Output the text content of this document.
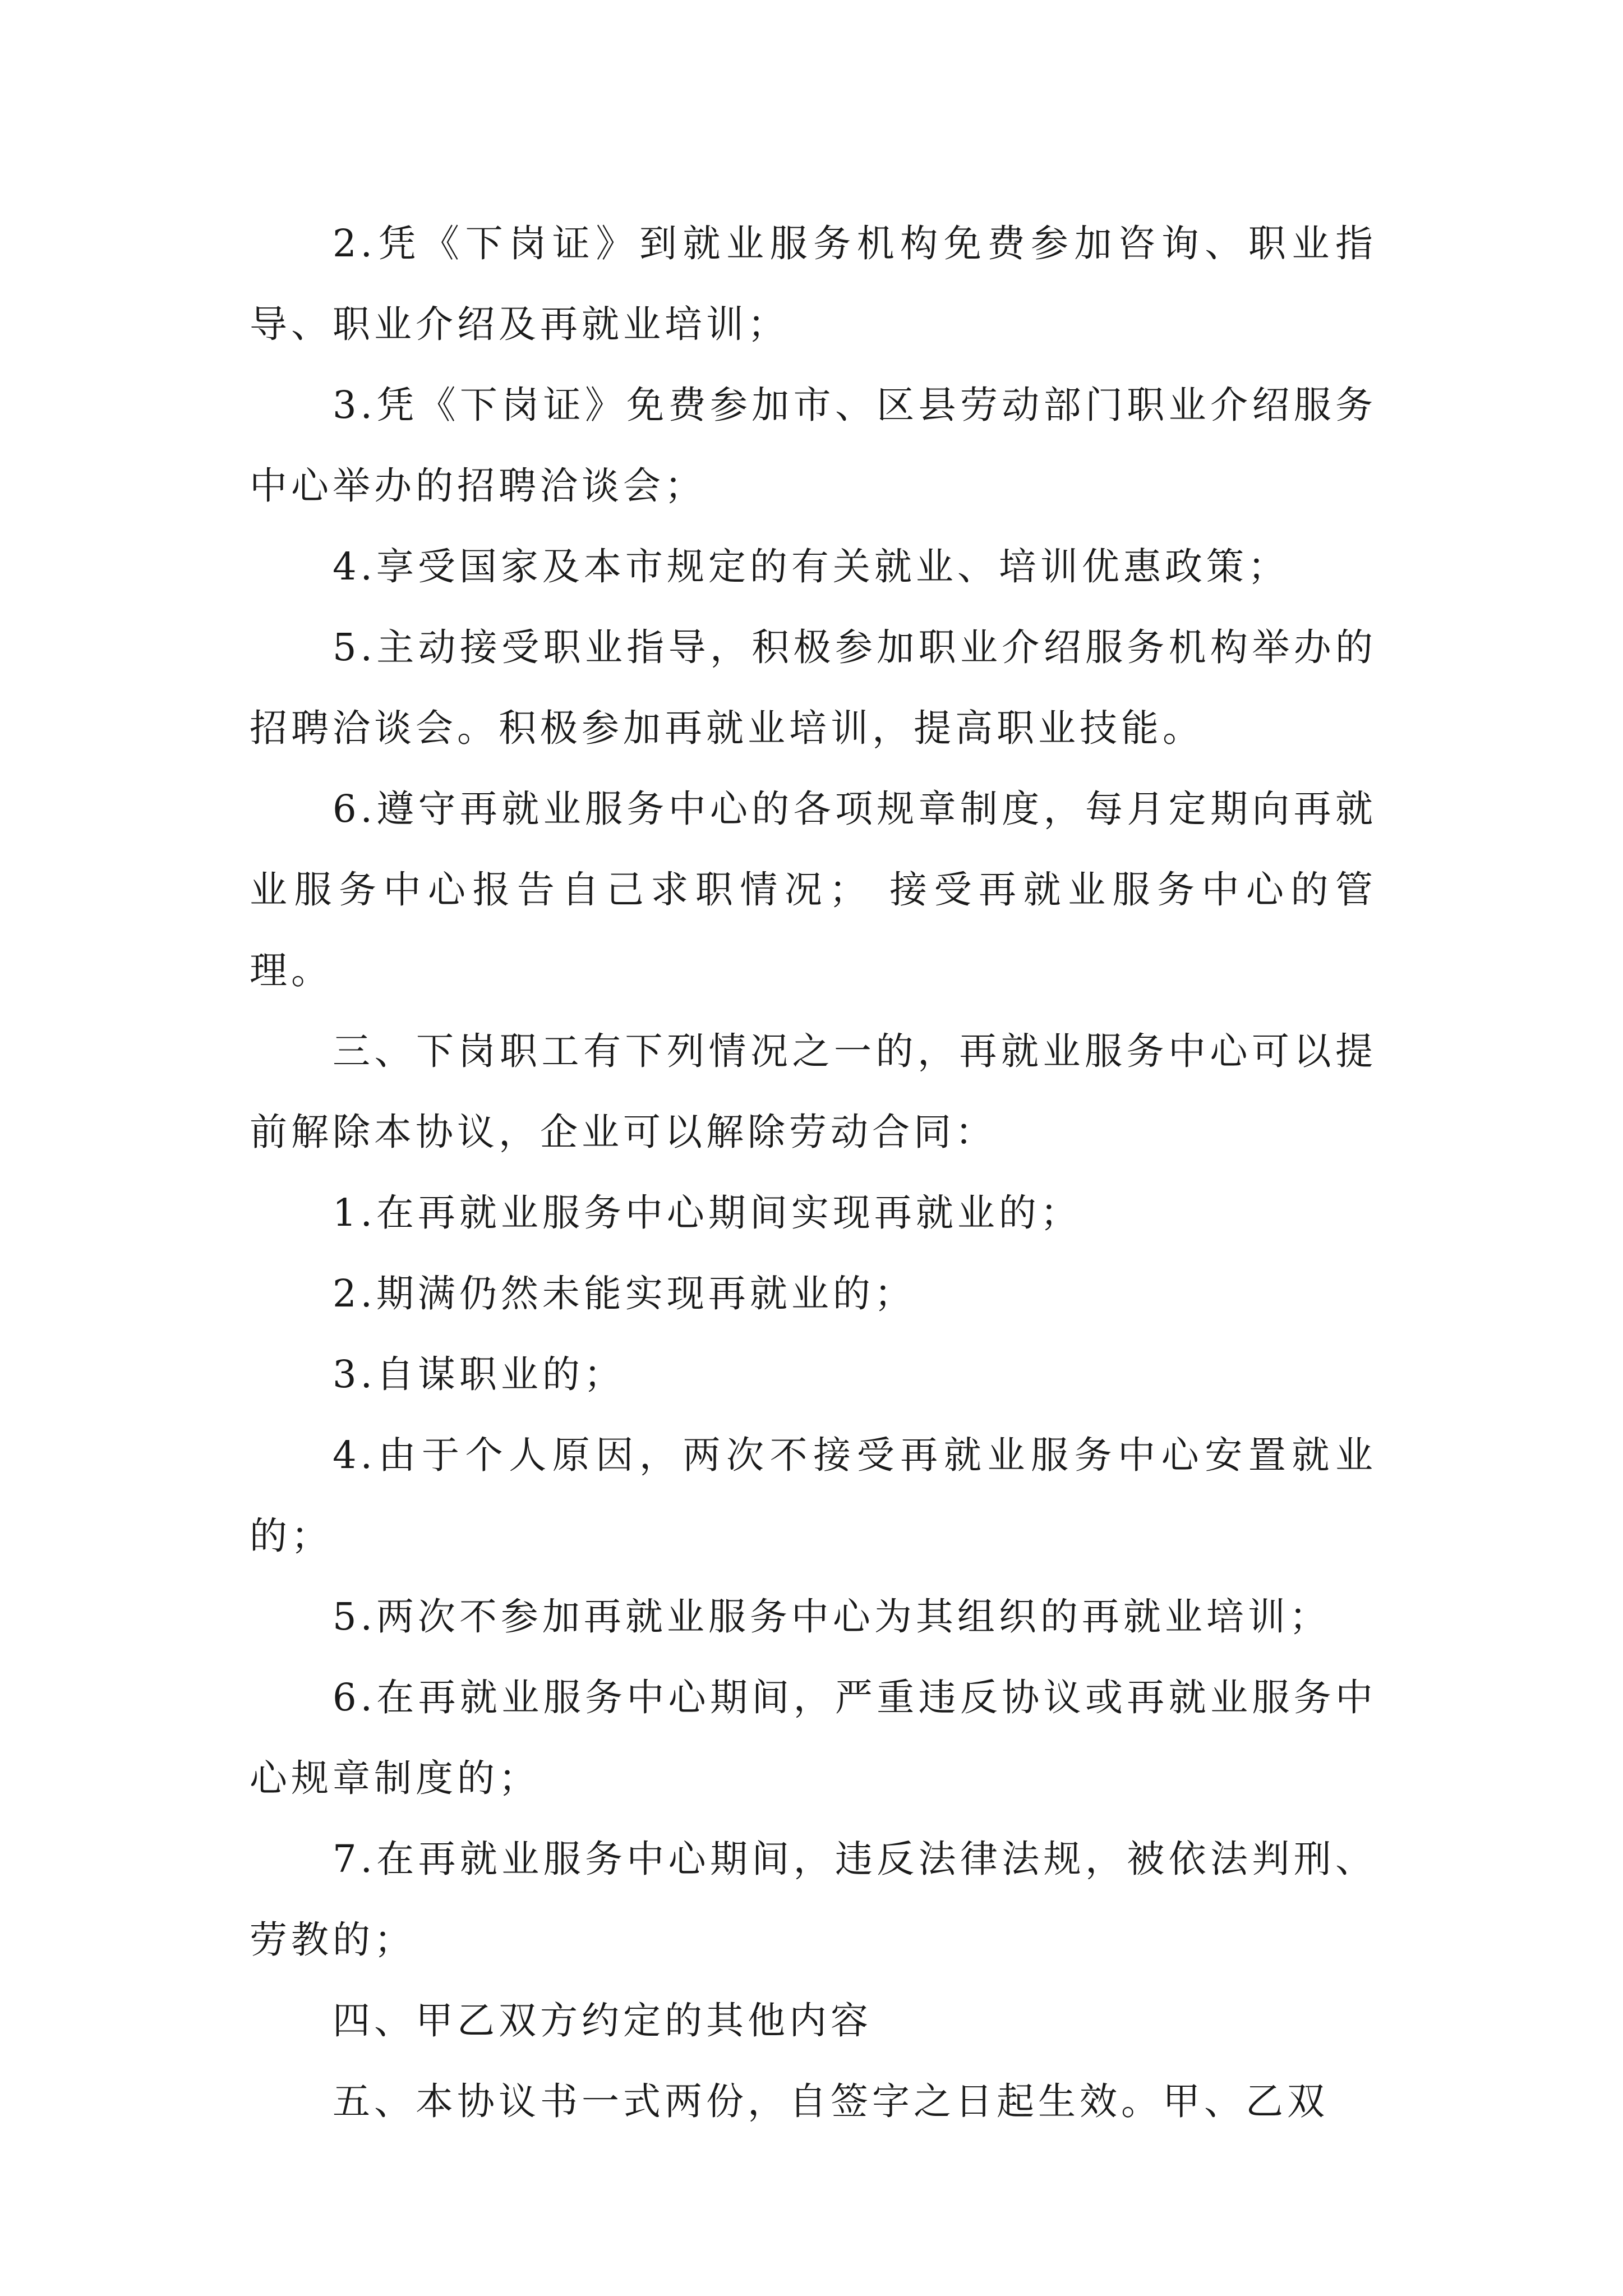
2.凭《下岗证》到就业服务机构免费参加咨询、职业指导、职业介绍及再就业培训；

3.凭《下岗证》免费参加市、区县劳动部门职业介绍服务中心举办的招聘洽谈会；

4.享受国家及本市规定的有关就业、培训优惠政策；

5.主动接受职业指导，积极参加职业介绍服务机构举办的招聘洽谈会。积极参加再就业培训，提高职业技能。

6.遵守再就业服务中心的各项规章制度，每月定期向再就业服务中心报告自己求职情况； 接受再就业服务中心的管理。

三、下岗职工有下列情况之一的，再就业服务中心可以提前解除本协议，企业可以解除劳动合同：

1.在再就业服务中心期间实现再就业的；

2.期满仍然未能实现再就业的；

3.自谋职业的；

4.由于个人原因，两次不接受再就业服务中心安置就业的；

5.两次不参加再就业服务中心为其组织的再就业培训；

6.在再就业服务中心期间，严重违反协议或再就业服务中心规章制度的；

7.在再就业服务中心期间，违反法律法规，被依法判刑、劳教的；

四、甲乙双方约定的其他内容

五、本协议书一式两份，自签字之日起生效。甲、乙双
